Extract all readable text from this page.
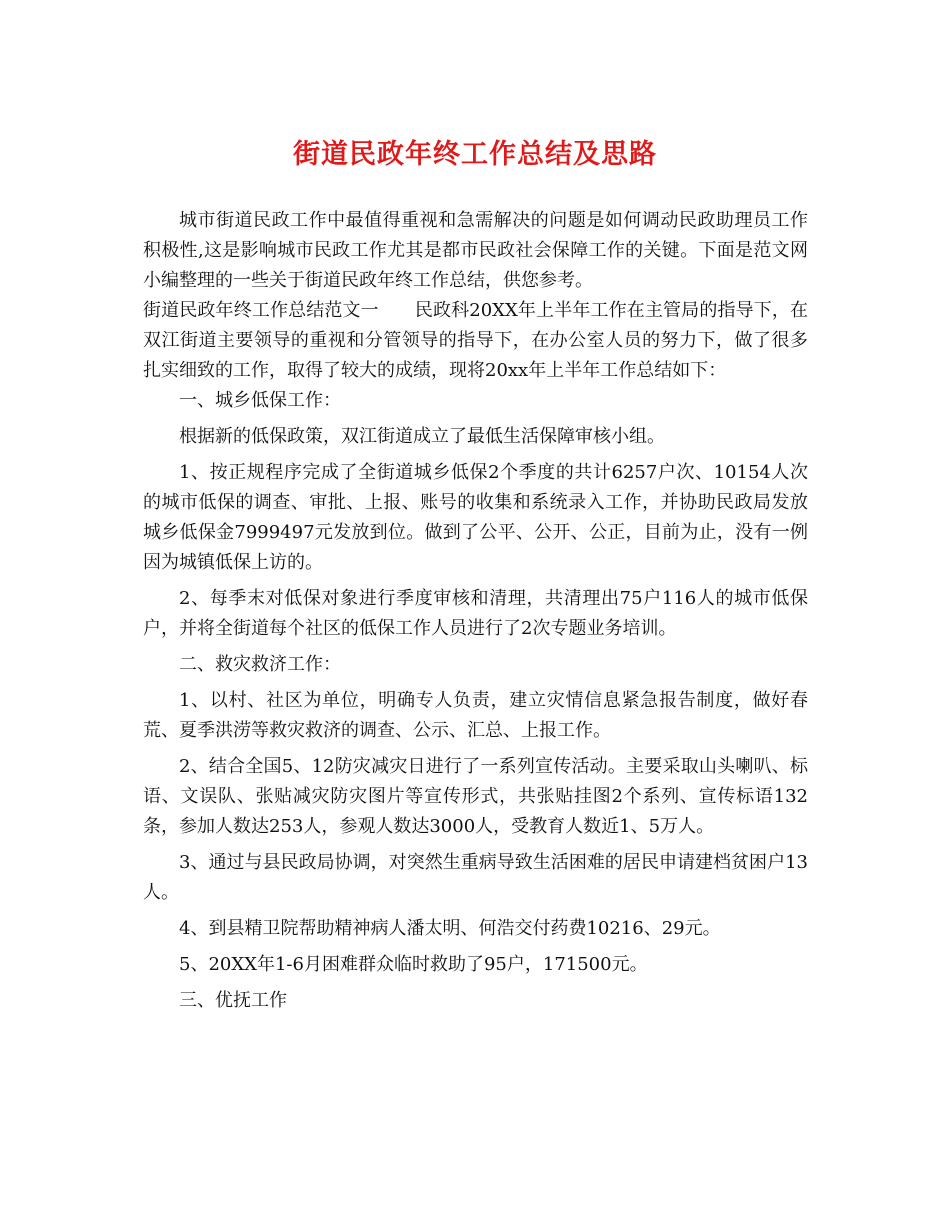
街道民政年终工作总结及思路

城市街道民政工作中最值得重视和急需解决的问题是如何调动民政助理员工作积极性,这是影响城市民政工作尤其是都市民政社会保障工作的关键。下面是范文网小编整理的一些关于街道民政年终工作总结，供您参考。

街道民政年终工作总结范文一 民政科20XX年上半年工作在主管局的指导下，在双江街道主要领导的重视和分管领导的指导下，在办公室人员的努力下，做了很多扎实细致的工作，取得了较大的成绩，现将20xx年上半年工作总结如下：

一、城乡低保工作：

根据新的低保政策，双江街道成立了最低生活保障审核小组。

1、按正规程序完成了全街道城乡低保2个季度的共计6257户次、10154人次的城市低保的调查、审批、上报、账号的收集和系统录入工作，并协助民政局发放城乡低保金7999497元发放到位。做到了公平、公开、公正，目前为止，没有一例因为城镇低保上访的。

2、每季末对低保对象进行季度审核和清理，共清理出75户116人的城市低保户，并将全街道每个社区的低保工作人员进行了2次专题业务培训。

二、救灾救济工作：

1、以村、社区为单位，明确专人负责，建立灾情信息紧急报告制度，做好春荒、夏季洪涝等救灾救济的调查、公示、汇总、上报工作。

2、结合全国5、12防灾减灾日进行了一系列宣传活动。主要采取山头喇叭、标语、文误队、张贴减灾防灾图片等宣传形式，共张贴挂图2个系列、宣传标语132条，参加人数达253人，参观人数达3000人，受教育人数近1、5万人。

3、通过与县民政局协调，对突然生重病导致生活困难的居民申请建档贫困户13人。

4、到县精卫院帮助精神病人潘太明、何浩交付药费10216、29元。

5、20XX年1-6月困难群众临时救助了95户，171500元。

三、优抚工作
